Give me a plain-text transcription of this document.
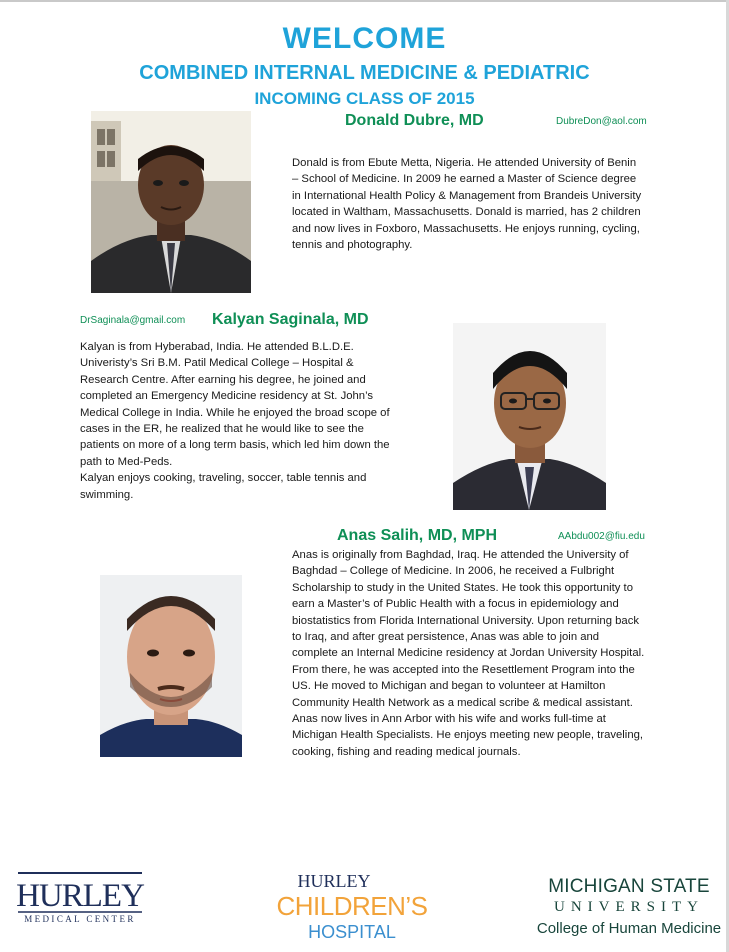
WELCOME
COMBINED INTERNAL MEDICINE & PEDIATRIC
INCOMING CLASS OF 2015
Donald Dubre, MD	DubreDon@aol.com

Donald is from Ebute Metta, Nigeria. He attended University of Benin – School of Medicine. In 2009 he earned a Master of Science degree in International Health Policy & Management from Brandeis University located in Waltham, Massachusetts. Donald is married, has 2 children and now lives in Foxboro, Massachusetts. He enjoys running, cycling, tennis and photography.

DrSaginala@gmail.com Kalyan Saginala, MD

Kalyan is from Hyberabad, India. He attended B.L.D.E. Univeristy’s Sri B.M. Patil Medical College – Hospital & Research Centre. After earning his degree, he joined and completed an Emergency Medicine residency at St. John’s Medical College in India. While he enjoyed the broad scope of cases in the ER, he realized that he would like to see the patients on more of a long term basis, which led him down the path to Med-Peds.

Kalyan enjoys cooking, traveling, soccer, table tennis and swimming.

Anas Salih, MD, MPH	AAbdu002@fiu.edu

Anas is originally from Baghdad, Iraq. He attended the University of Baghdad – College of Medicine. In 2006, he received a Fulbright Scholarship to study in the United States. He took this opportunity to earn a Master’s of Public Health with a focus in epidemiology and biostatistics from Florida International University. Upon returning back to Iraq, and after great persistence, Anas was able to join and complete an Internal Medicine residency at Jordan University Hospital. From there, he was accepted into the Resettlement Program into the US. He moved to Michigan and began to volunteer at Hamilton Community Health Network as a medical scribe & medical assistant.

Anas now lives in Ann Arbor with his wife and works full-time at Michigan Health Specialists. He enjoys meeting new people, traveling, cooking, fishing and reading medical journals.

HURLEY
MEDICAL CENTER
HURLEY
CHILDREN’S
HOSPITAL
MICHIGAN STATE
UNIVERSITY
College of Human Medicine
